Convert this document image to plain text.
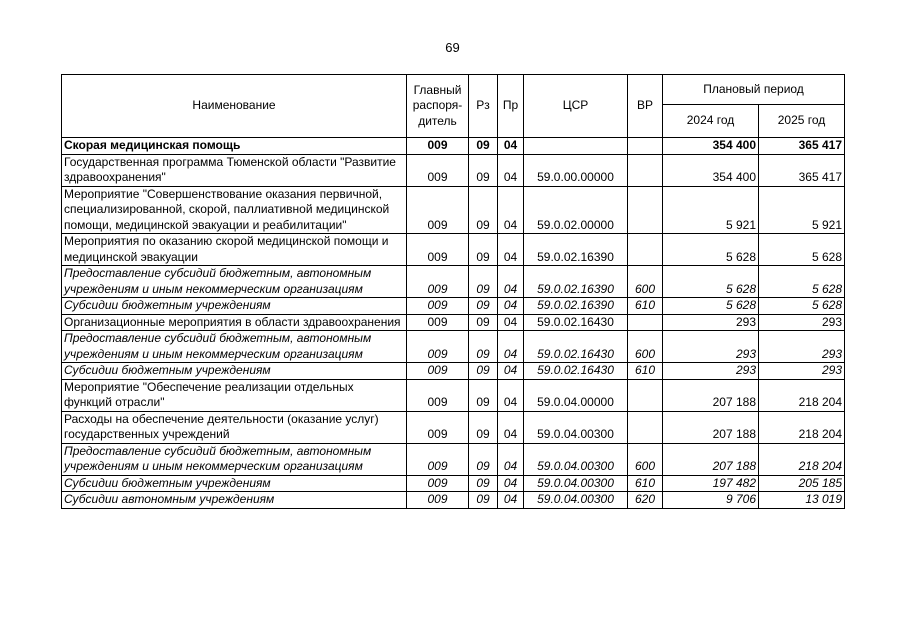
69
Наименование	Главный распоря-дитель	Рз	Пр	ЦСР	ВР	Плановый период	
						2024 год	2025 год
Скорая медицинская помощь	009	09	04			354 400	365 417
Государственная программа Тюменской области "Развитие здравоохранения"	009	09	04	59.0.00.00000		354 400	365 417
Мероприятие "Совершенствование оказания первичной, специализированной, скорой, паллиативной медицинской помощи, медицинской эвакуации и реабилитации"	009	09	04	59.0.02.00000		5 921	5 921
Мероприятия по оказанию скорой медицинской помощи и медицинской эвакуации	009	09	04	59.0.02.16390		5 628	5 628
Предоставление субсидий бюджетным, автономным учреждениям и иным некоммерческим организациям	009	09	04	59.0.02.16390	600	5 628	5 628
Субсидии бюджетным учреждениям	009	09	04	59.0.02.16390	610	5 628	5 628
Организационные мероприятия в области здравоохранения	009	09	04	59.0.02.16430		293	293
Предоставление субсидий бюджетным, автономным учреждениям и иным некоммерческим организациям	009	09	04	59.0.02.16430	600	293	293
Субсидии бюджетным учреждениям	009	09	04	59.0.02.16430	610	293	293
Мероприятие "Обеспечение реализации отдельных функций отрасли"	009	09	04	59.0.04.00000		207 188	218 204
Расходы на обеспечение деятельности (оказание услуг) государственных учреждений	009	09	04	59.0.04.00300		207 188	218 204
Предоставление субсидий бюджетным, автономным учреждениям и иным некоммерческим организациям	009	09	04	59.0.04.00300	600	207 188	218 204
Субсидии бюджетным учреждениям	009	09	04	59.0.04.00300	610	197 482	205 185
Субсидии автономным учреждениям	009	09	04	59.0.04.00300	620	9 706	13 019
